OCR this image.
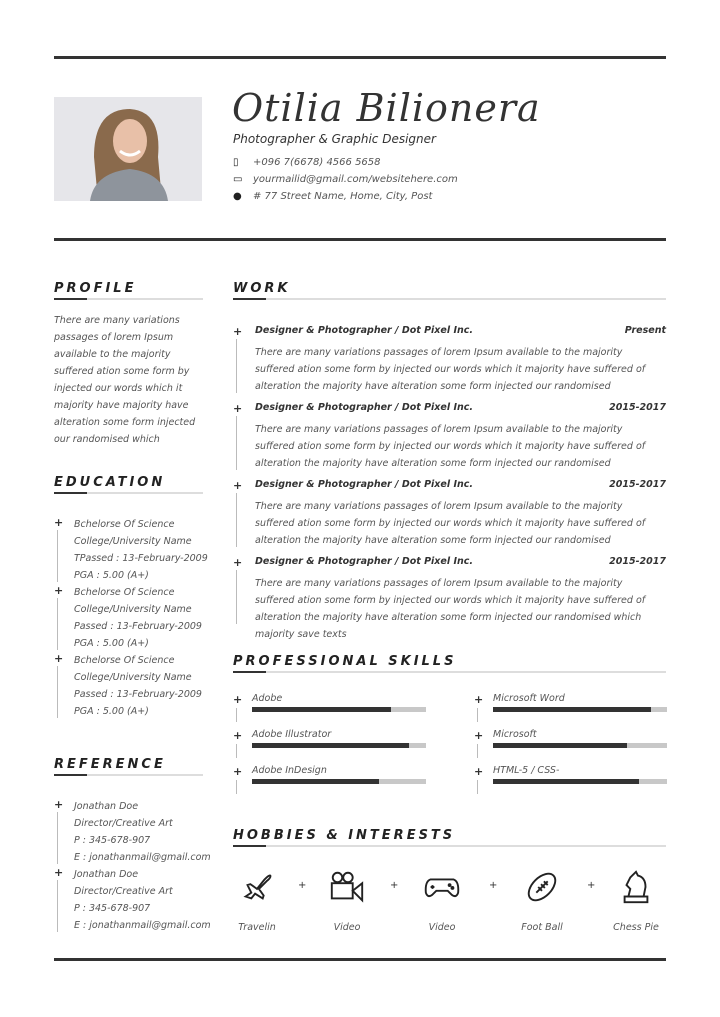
Otilia Bilionera
Photographer & Graphic Designer
▯	+096 7(6678) 4566 5658
▭ yourmailid@gmail.com/websitehere.com
● # 77 Street Name, Home, City, Post
PROFILE
There are many variations passages of lorem Ipsum available to the majority suffered ation some form by injected our words which it majority have majority have alteration some form injected our randomised which
EDUCATION
+ Bchelorse Of Science
College/University Name
TPassed : 13-February-2009
PGA : 5.00 (A+)
+ Bchelorse Of Science
College/University Name
Passed : 13-February-2009
PGA : 5.00 (A+)
+ Bchelorse Of Science
College/University Name
Passed : 13-February-2009
PGA : 5.00 (A+)
REFERENCE
+ Jonathan Doe
Director/Creative Art
P : 345-678-907
E : jonathanmail@gmail.com
+ Jonathan Doe
Director/Creative Art
P : 345-678-907
E : jonathanmail@gmail.com
WORK
+ Designer & Photographer / Dot Pixel Inc.	Present
There are many variations passages of lorem Ipsum available to the majority suffered ation some form by injected our words which it majority have suffered of alteration the majority have alteration some form injected our randomised
+ Designer & Photographer / Dot Pixel Inc.	2015-2017
There are many variations passages of lorem Ipsum available to the majority suffered ation some form by injected our words which it majority have suffered of alteration the majority have alteration some form injected our randomised
+ Designer & Photographer / Dot Pixel Inc.	2015-2017
There are many variations passages of lorem Ipsum available to the majority suffered ation some form by injected our words which it majority have suffered of alteration the majority have alteration some form injected our randomised
+ Designer & Photographer / Dot Pixel Inc.	2015-2017
There are many variations passages of lorem Ipsum available to the majority suffered ation some form by injected our words which it majority have suffered of alteration the majority have alteration some form injected our randomised which majority save texts
PROFESSIONAL SKILLS
+ Adobe	+ Microsoft Word
+ Adobe Illustrator	+ Microsoft
+ Adobe InDesign	+ HTML-5 / CSS-
HOBBIES & INTERESTS
Travelin
+
Video
+
Video
+
Foot Ball
+
Chess Pie
